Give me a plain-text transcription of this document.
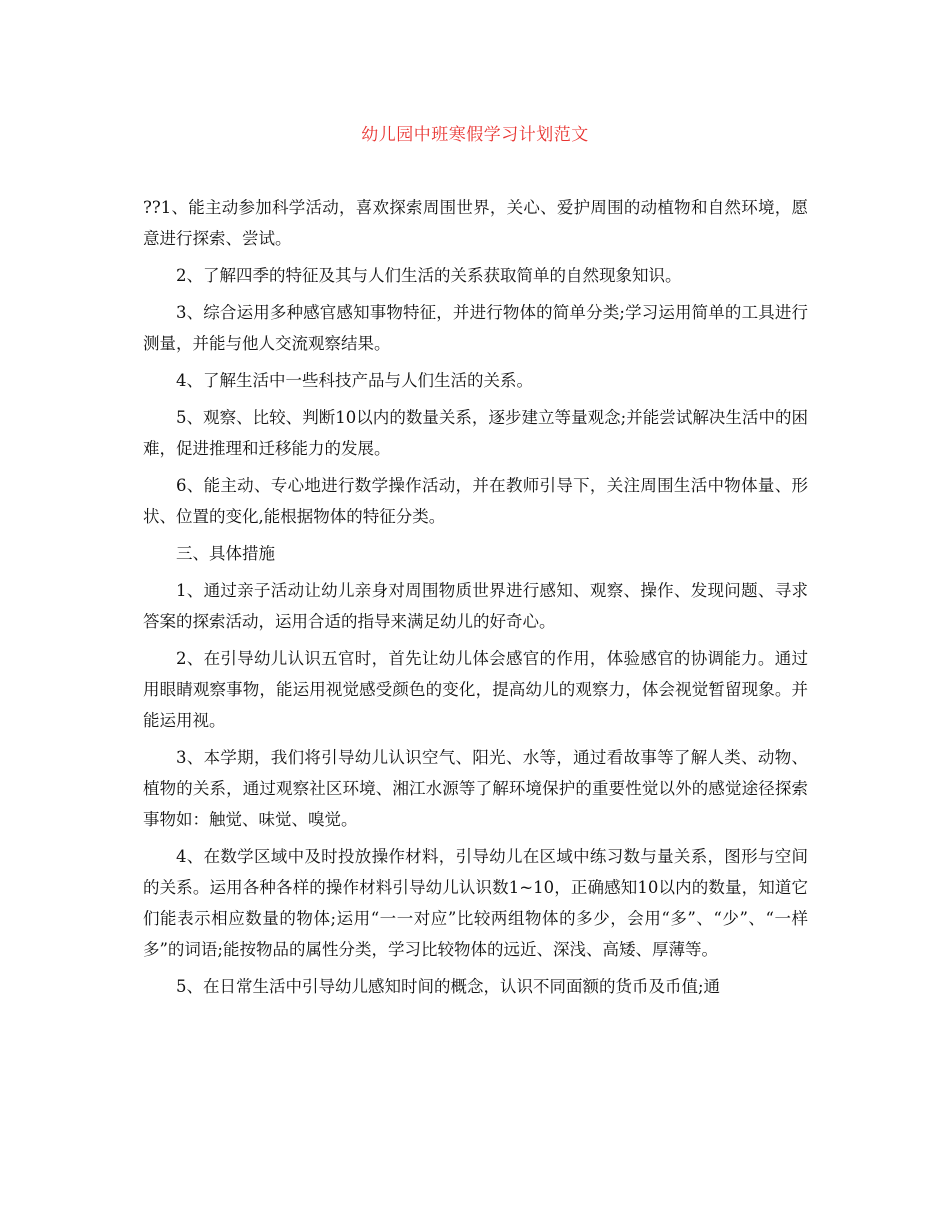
幼儿园中班寒假学习计划范文

??1、能主动参加科学活动，喜欢探索周围世界，关心、爱护周围的动植物和自然环境，愿意进行探索、尝试。

2、了解四季的特征及其与人们生活的关系获取简单的自然现象知识。

3、综合运用多种感官感知事物特征，并进行物体的简单分类;学习运用简单的工具进行测量，并能与他人交流观察结果。

4、了解生活中一些科技产品与人们生活的关系。

5、观察、比较、判断10以内的数量关系，逐步建立等量观念;并能尝试解决生活中的困难，促进推理和迁移能力的发展。

6、能主动、专心地进行数学操作活动，并在教师引导下，关注周围生活中物体量、形状、位置的变化,能根据物体的特征分类。

三、具体措施

1、通过亲子活动让幼儿亲身对周围物质世界进行感知、观察、操作、发现问题、寻求答案的探索活动，运用合适的指导来满足幼儿的好奇心。

2、在引导幼儿认识五官时，首先让幼儿体会感官的作用，体验感官的协调能力。通过用眼睛观察事物，能运用视觉感受颜色的变化，提高幼儿的观察力，体会视觉暂留现象。并能运用视。

3、本学期，我们将引导幼儿认识空气、阳光、水等，通过看故事等了解人类、动物、植物的关系，通过观察社区环境、湘江水源等了解环境保护的重要性觉以外的感觉途径探索事物如：触觉、味觉、嗅觉。

4、在数学区域中及时投放操作材料，引导幼儿在区域中练习数与量关系，图形与空间的关系。运用各种各样的操作材料引导幼儿认识数1~10，正确感知10以内的数量，知道它们能表示相应数量的物体;运用“一一对应”比较两组物体的多少，会用“多”、“少”、“一样多”的词语;能按物品的属性分类，学习比较物体的远近、深浅、高矮、厚薄等。

5、在日常生活中引导幼儿感知时间的概念，认识不同面额的货币及币值;通
